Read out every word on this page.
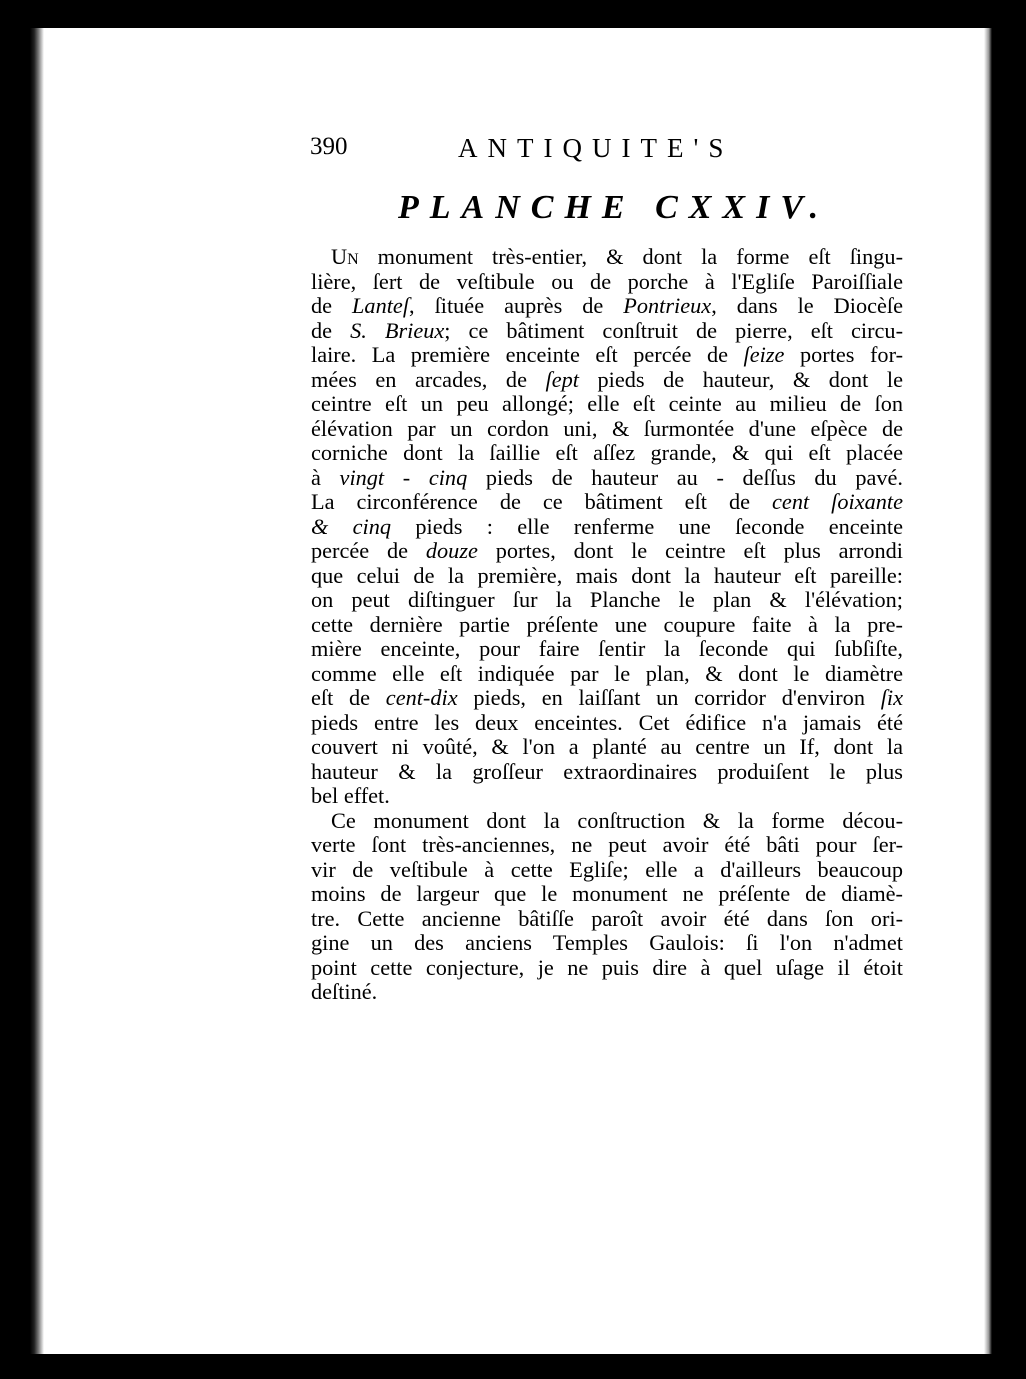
390	ANTIQUITE'S
PLANCHE CXXIV.
UN monument très-entier, & dont la forme eſt ſingu-
lière, ſert de veſtibule ou de porche à l'Egliſe Paroiſſiale
de Lanteſ, ſituée auprès de Pontrieux, dans le Diocèſe
de S. Brieux; ce bâtiment conſtruit de pierre, eſt circu-
laire. La première enceinte eſt percée de ſeize portes for-
mées en arcades, de ſept pieds de hauteur, & dont le
ceintre eſt un peu allongé; elle eſt ceinte au milieu de ſon
élévation par un cordon uni, & ſurmontée d'une eſpèce de
corniche dont la ſaillie eſt aſſez grande, & qui eſt placée
à vingt - cinq pieds de hauteur au - deſſus du pavé.
La circonférence de ce bâtiment eſt de cent ſoixante
& cinq pieds : elle renferme une ſeconde enceinte
percée de douze portes, dont le ceintre eſt plus arrondi
que celui de la première, mais dont la hauteur eſt pareille:
on peut diſtinguer ſur la Planche le plan & l'élévation;
cette dernière partie préſente une coupure faite à la pre-
mière enceinte, pour faire ſentir la ſeconde qui ſubſiſte,
comme elle eſt indiquée par le plan, & dont le diamètre
eſt de cent-dix pieds, en laiſſant un corridor d'environ ſix
pieds entre les deux enceintes. Cet édifice n'a jamais été
couvert ni voûté, & l'on a planté au centre un If, dont la
hauteur & la groſſeur extraordinaires produiſent le plus
bel effet.
Ce monument dont la conſtruction & la forme décou-
verte ſont très-anciennes, ne peut avoir été bâti pour ſer-
vir de veſtibule à cette Egliſe; elle a d'ailleurs beaucoup
moins de largeur que le monument ne préſente de diamè-
tre. Cette ancienne bâtiſſe paroît avoir été dans ſon ori-
gine un des anciens Temples Gaulois: ſi l'on n'admet
point cette conjecture, je ne puis dire à quel uſage il étoit
deſtiné.
